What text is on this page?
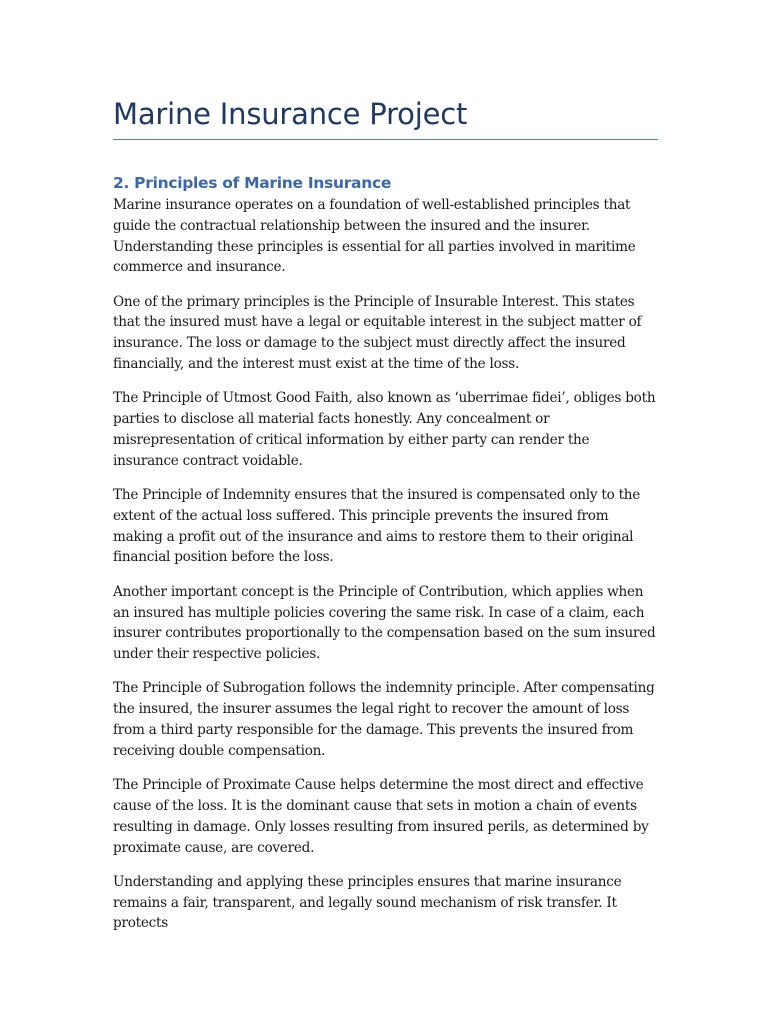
Marine Insurance Project
2. Principles of Marine Insurance

Marine insurance operates on a foundation of well-established principles that guide the contractual relationship between the insured and the insurer. Understanding these principles is essential for all parties involved in maritime commerce and insurance.

One of the primary principles is the Principle of Insurable Interest. This states that the insured must have a legal or equitable interest in the subject matter of insurance. The loss or damage to the subject must directly affect the insured financially, and the interest must exist at the time of the loss.

The Principle of Utmost Good Faith, also known as ‘uberrimae fidei’, obliges both parties to disclose all material facts honestly. Any concealment or misrepresentation of critical information by either party can render the insurance contract voidable.

The Principle of Indemnity ensures that the insured is compensated only to the extent of the actual loss suffered. This principle prevents the insured from making a profit out of the insurance and aims to restore them to their original financial position before the loss.

Another important concept is the Principle of Contribution, which applies when an insured has multiple policies covering the same risk. In case of a claim, each insurer contributes proportionally to the compensation based on the sum insured under their respective policies.

The Principle of Subrogation follows the indemnity principle. After compensating the insured, the insurer assumes the legal right to recover the amount of loss from a third party responsible for the damage. This prevents the insured from receiving double compensation.

The Principle of Proximate Cause helps determine the most direct and effective cause of the loss. It is the dominant cause that sets in motion a chain of events resulting in damage. Only losses resulting from insured perils, as determined by proximate cause, are covered.

Understanding and applying these principles ensures that marine insurance remains a fair, transparent, and legally sound mechanism of risk transfer. It protects
